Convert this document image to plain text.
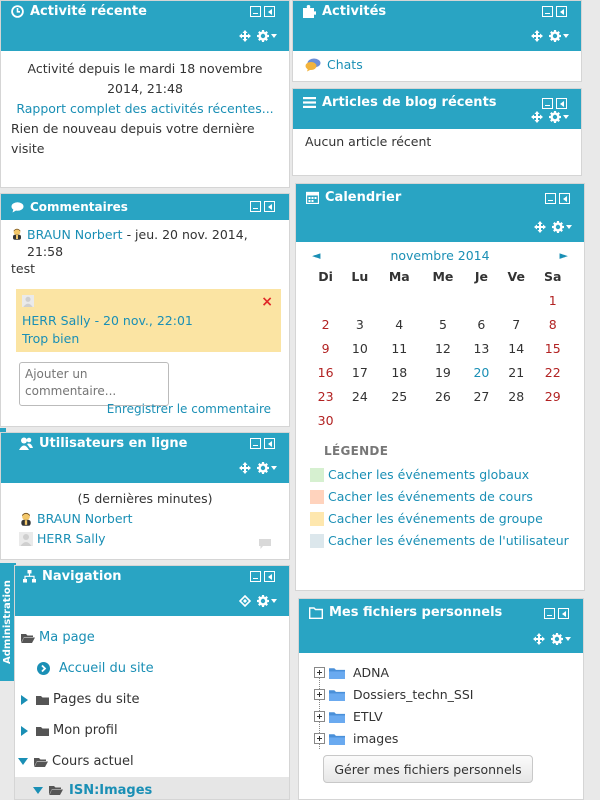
Activité récente
Activité depuis le mardi 18 novembre 2014, 21:48
Rapport complet des activités récentes...
Rien de nouveau depuis votre dernière visite
Commentaires
BRAUN Norbert - jeu. 20 nov. 2014, 21:58
test
HERR Sally - 20 nov., 22:01
Trop bien
×
Ajouter un commentaire...
Enregistrer le commentaire
Utilisateurs en ligne
(5 dernières minutes)
BRAUN Norbert
HERR Sally
Administration
Navigation
Ma page
Accueil du site
Pages du site
Mon profil
Cours actuel
ISN:Images
Activités
Chats
Articles de blog récents
Aucun article récent
Calendrier
◄	novembre 2014	►
Di	Lu	Ma	Me	Je	Ve	Sa
						1
2	3	4	5	6	7	8
9	10	11	12	13	14	15
16	17	18	19	20	21	22
23	24	25	26	27	28	29
30						
LÉGENDE
Cacher les événements globaux
Cacher les événements de cours
Cacher les événements de groupe
Cacher les événements de l'utilisateur
Mes fichiers personnels
ADNA
Dossiers_techn_SSI
ETLV
images
Gérer mes fichiers personnels
